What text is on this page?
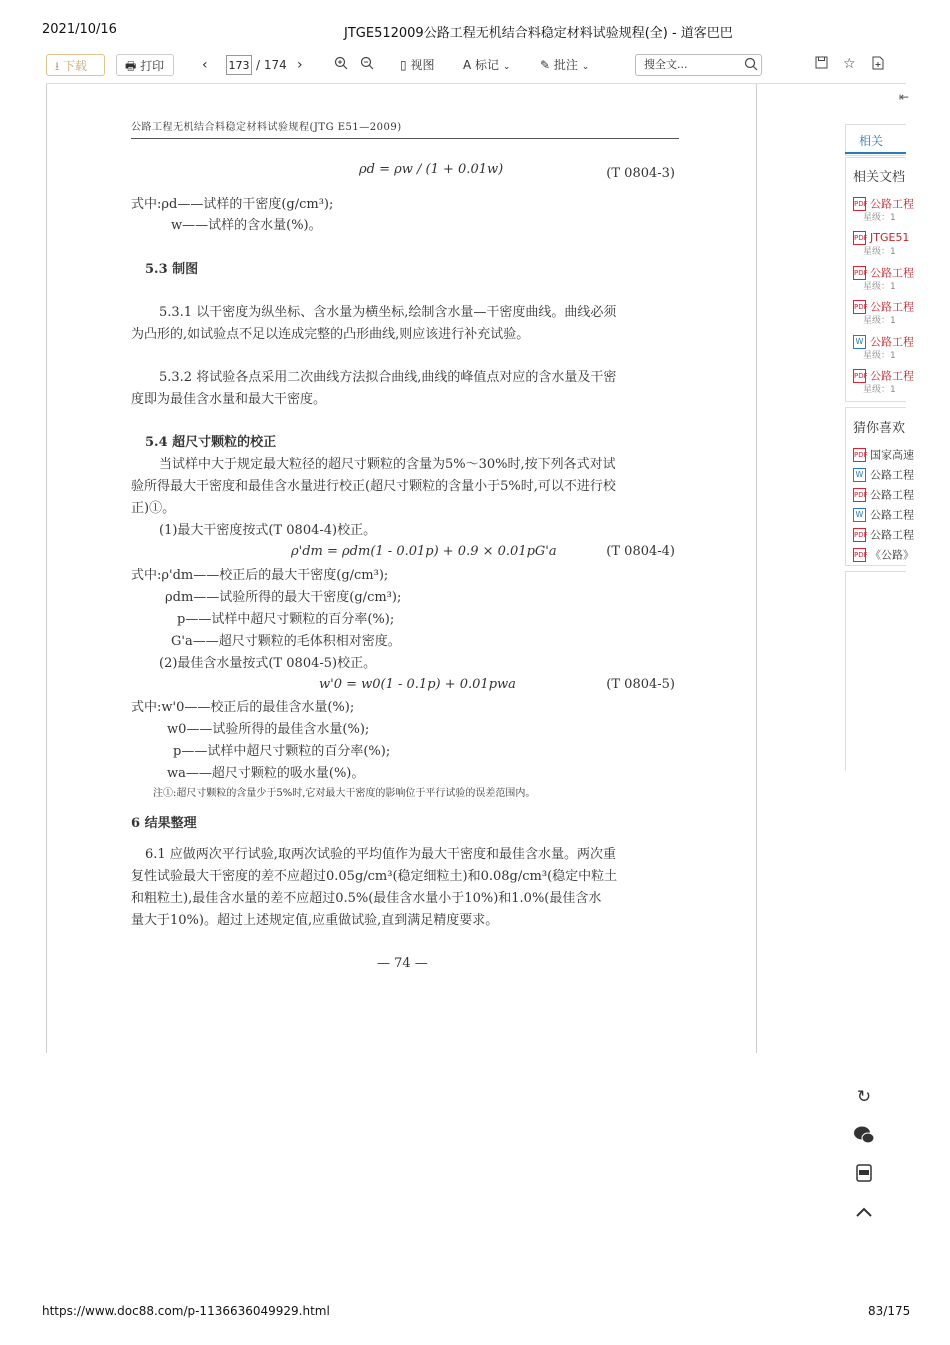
2021/10/16	JTGE512009公路工程无机结合料稳定材料试验规程(全) - 道客巴巴
⭳ 下载	🖶 打印	‹ 173 / 174 ›	▯ 视图 A 标记 ⌄ ✎ 批注 ⌄	搜全文...	☆
公路工程无机结合料稳定材料试验规程(JTG E51—2009)
ρd = ρw / (1 + 0.01w)	(T 0804-3)
式中:ρd——试样的干密度(g/cm³);
w——试样的含水量(%)。
5.3 制图
5.3.1 以干密度为纵坐标、含水量为横坐标,绘制含水量—干密度曲线。曲线必须
为凸形的,如试验点不足以连成完整的凸形曲线,则应该进行补充试验。
5.3.2 将试验各点采用二次曲线方法拟合曲线,曲线的峰值点对应的含水量及干密
度即为最佳含水量和最大干密度。
5.4 超尺寸颗粒的校正
当试样中大于规定最大粒径的超尺寸颗粒的含量为5%～30%时,按下列各式对试
验所得最大干密度和最佳含水量进行校正(超尺寸颗粒的含量小于5%时,可以不进行校
正)①。
(1)最大干密度按式(T 0804-4)校正。
ρ'dm = ρdm(1 - 0.01p) + 0.9 × 0.01pG'a	(T 0804-4)
式中:ρ'dm——校正后的最大干密度(g/cm³);
ρdm——试验所得的最大干密度(g/cm³);
p——试样中超尺寸颗粒的百分率(%);
G'a——超尺寸颗粒的毛体积相对密度。
(2)最佳含水量按式(T 0804-5)校正。
w'0 = w0(1 - 0.1p) + 0.01pwa	(T 0804-5)
式中:w'0——校正后的最佳含水量(%);
w0——试验所得的最佳含水量(%);
p——试样中超尺寸颗粒的百分率(%);
wa——超尺寸颗粒的吸水量(%)。
注①:超尺寸颗粒的含量少于5%时,它对最大干密度的影响位于平行试验的误差范围内。
6 结果整理
6.1 应做两次平行试验,取两次试验的平均值作为最大干密度和最佳含水量。两次重
复性试验最大干密度的差不应超过0.05g/cm³(稳定细粒土)和0.08g/cm³(稳定中粒土
和粗粒土),最佳含水量的差不应超过0.5%(最佳含水量小于10%)和1.0%(最佳含水
量大于10%)。超过上述规定值,应重做试验,直到满足精度要求。
— 74 —
⇤
相关
相关文档
PDF 公路工程
星级：1
PDF JTGE51
星级：1
PDF 公路工程
星级：1
PDF 公路工程
星级：1
W 公路工程
星级：1
PDF 公路工程
星级：1
猜你喜欢
PDF 国家高速
W 公路工程
PDF 公路工程
W 公路工程
PDF 公路工程
PDF 《公路》
↻
https://www.doc88.com/p-1136636049929.html	83/175
